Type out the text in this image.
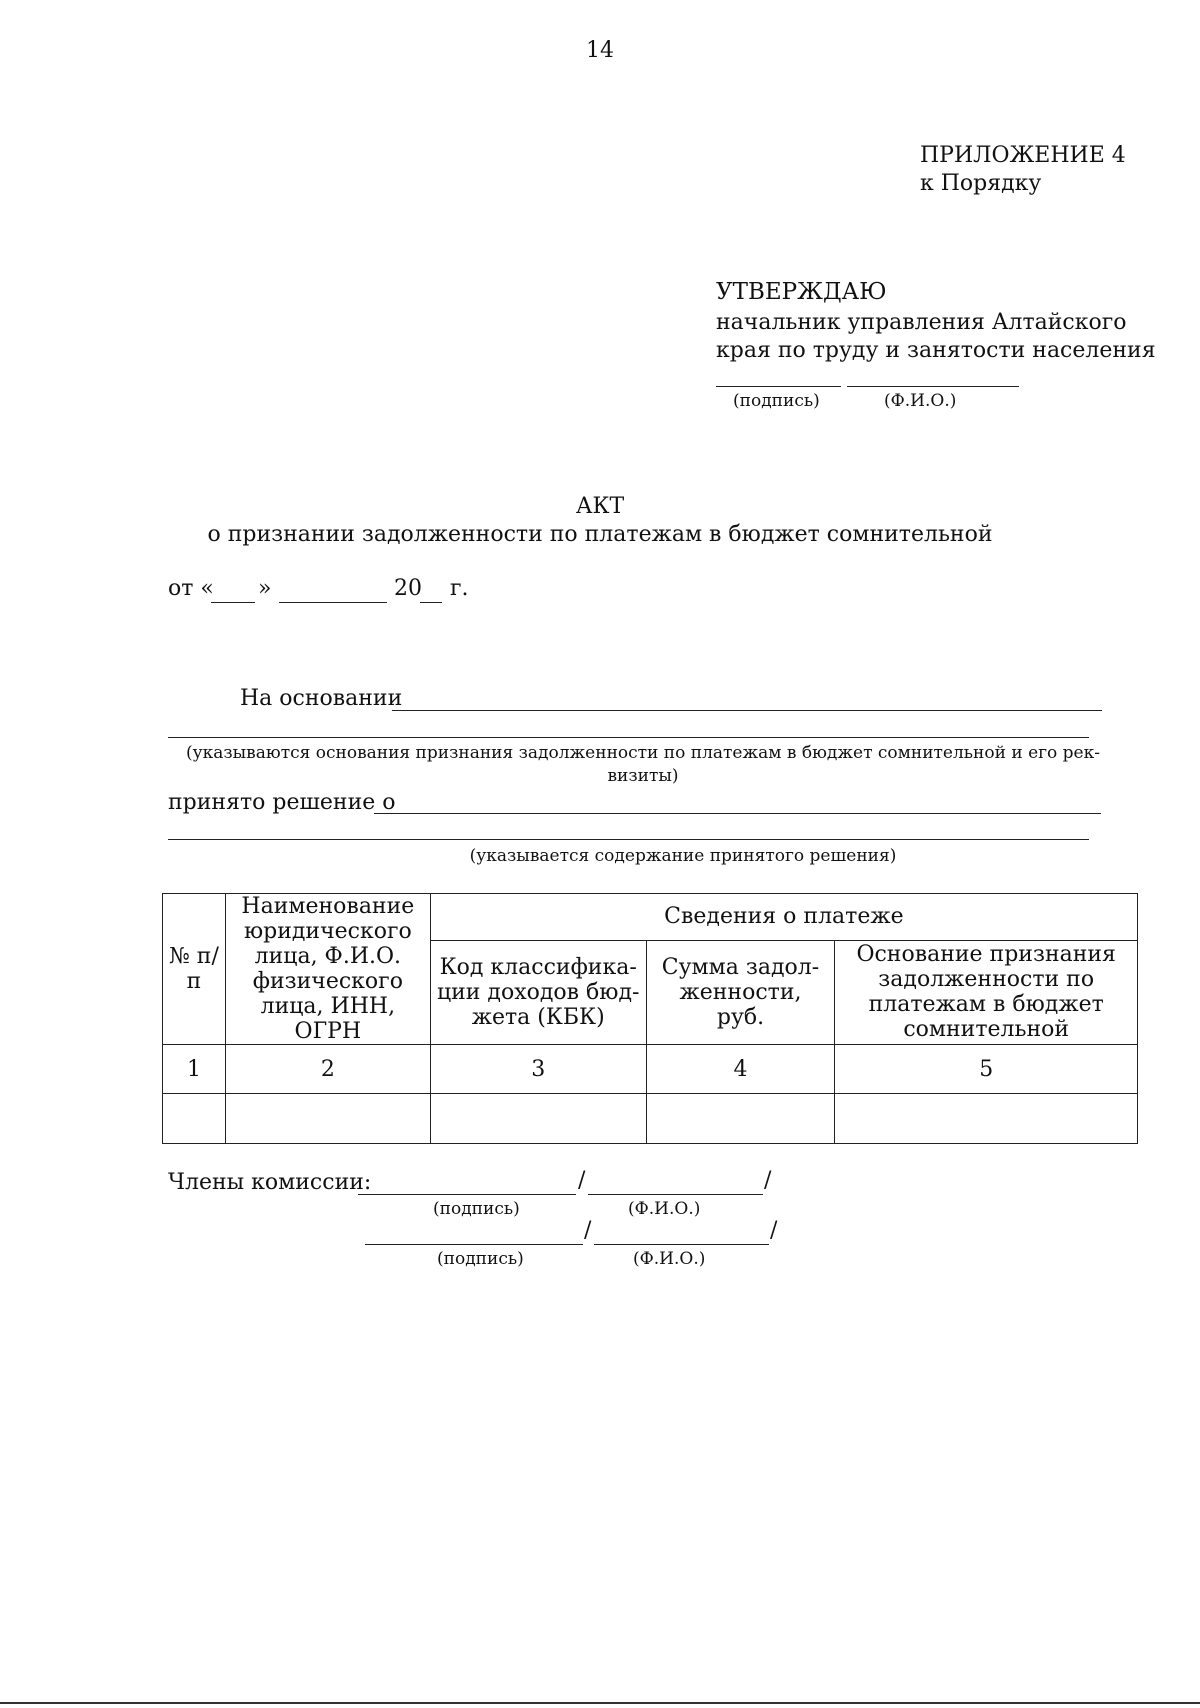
14
ПРИЛОЖЕНИЕ 4
к Порядку
УТВЕРЖДАЮ
начальник управления Алтайского
края по труду и занятости населения
(подпись)	(Ф.И.О.)
АКТ
о признании задолженности по платежам в бюджет сомнительной
от « »	20 г.
На основании
(указываются основания признания задолженности по платежам в бюджет сомнительной и его рек-
визиты)
принято решение о
(указывается содержание принятого решения)
№ п/п	Наименование юридического лица, Ф.И.О. физического лица, ИНН, ОГРН	Сведения о платеже		
		Код классифика-ции доходов бюд-жета (КБК)	Сумма задол-женности, руб.	Основание признания задолженности по платежам в бюджет сомнительной
1	2	3	4	5

Члены комиссии:	/	/
(подпись)	(Ф.И.О.)
/	/
(подпись)	(Ф.И.О.)
